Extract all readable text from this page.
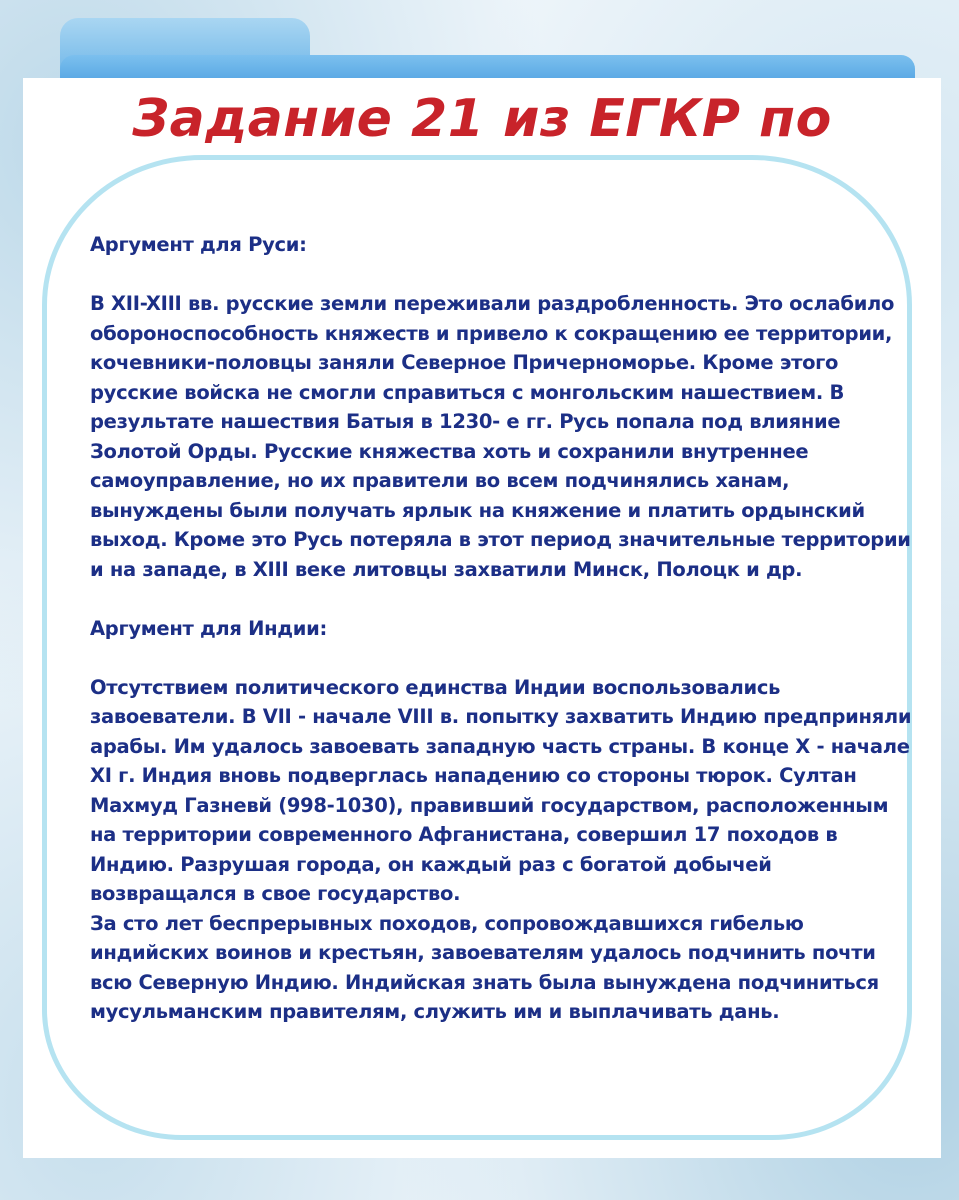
Задание 21 из ЕГКР по

Аргумент для Руси:

В XII-XIII вв. русские земли переживали раздробленность. Это ослабило обороноспособность княжеств и привело к сокращению ее территории, кочевники-половцы заняли Северное Причерноморье. Кроме этого русские войска не смогли справиться с монгольским нашествием. В результате нашествия Батыя в 1230- е гг. Русь попала под влияние Золотой Орды. Русские княжества хоть и сохранили внутреннее самоуправление, но их правители во всем подчинялись ханам, вынуждены были получать ярлык на княжение и платить ордынский выход. Кроме это Русь потеряла в этот период значительные территории и на западе, в XIII веке литовцы захватили Минск, Полоцк и др.

Аргумент для Индии:

Отсутствием политического единства Индии воспользовались завоеватели. В VII - начале VIII в. попытку захватить Индию предприняли арабы. Им удалось завоевать западную часть страны. В конце X - начале XI г. Индия вновь подверглась нападению со стороны тюрок. Султан Махмуд Газневй (998-1030), правивший государством, расположенным на территории современного Афганистана, совершил 17 походов в Индию. Разрушая города, он каждый раз с богатой добычей возвращался в свое государство.

За сто лет беспрерывных походов, сопровождавшихся гибелью индийских воинов и крестьян, завоевателям удалось подчинить почти всю Северную Индию. Индийская знать была вынуждена подчиниться мусульманским правителям, служить им и выплачивать дань.
